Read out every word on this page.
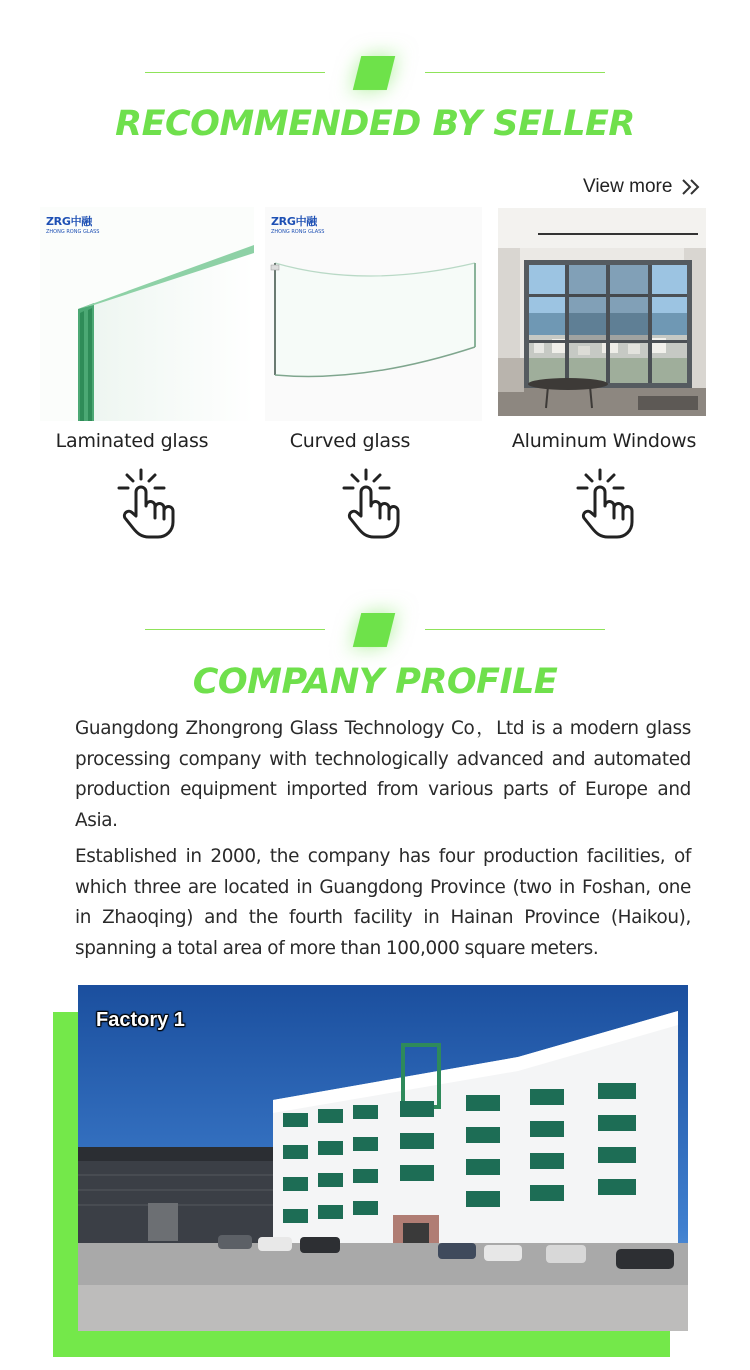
RECOMMENDED BY SELLER
View more
ZRG中融
ZHONG RONG GLASS
Laminated glass
ZRG中融
ZHONG RONG GLASS
Curved glass	Aluminum Windows
COMPANY PROFILE

Guangdong Zhongrong Glass Technology Co，Ltd is a modern glass processing company with technologically advanced and automated production equipment imported from various parts of Europe and Asia.

Established in 2000, the company has four production facilities, of which three are located in Guangdong Province (two in Foshan, one in Zhaoqing) and the fourth facility in Hainan Province (Haikou), spanning a total area of more than 100,000 square meters.

Factory 1
